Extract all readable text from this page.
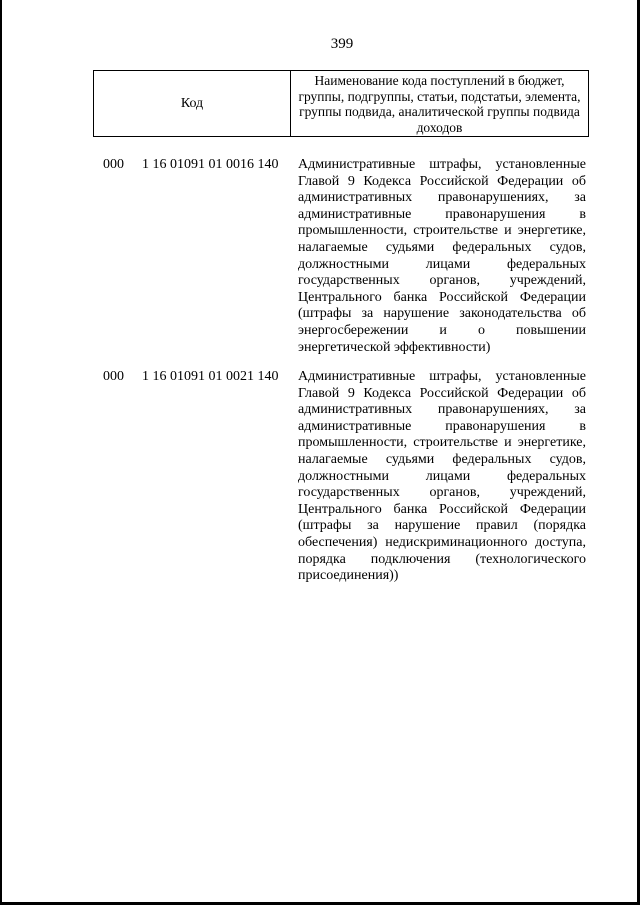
399
Код
Наименование кода поступлений в бюджет, группы, подгруппы, статьи, подстатьи, элемента, группы подвида, аналитической группы подвида доходов
000 1 16 01091 01 0016 140 Административные штрафы, установленные
Главой 9 Кодекса Российской Федерации об
административных правонарушениях, за
административные правонарушения в
промышленности, строительстве и энергетике,
налагаемые судьями федеральных судов,
должностными лицами федеральных
государственных органов, учреждений,
Центрального банка Российской Федерации
(штрафы за нарушение законодательства об
энергосбережении и о повышении
энергетической эффективности)
000 1 16 01091 01 0021 140 Административные штрафы, установленные
Главой 9 Кодекса Российской Федерации об
административных правонарушениях, за
административные правонарушения в
промышленности, строительстве и энергетике,
налагаемые судьями федеральных судов,
должностными лицами федеральных
государственных органов, учреждений,
Центрального банка Российской Федерации
(штрафы за нарушение правил (порядка
обеспечения) недискриминационного доступа,
порядка подключения (технологического
присоединения))
